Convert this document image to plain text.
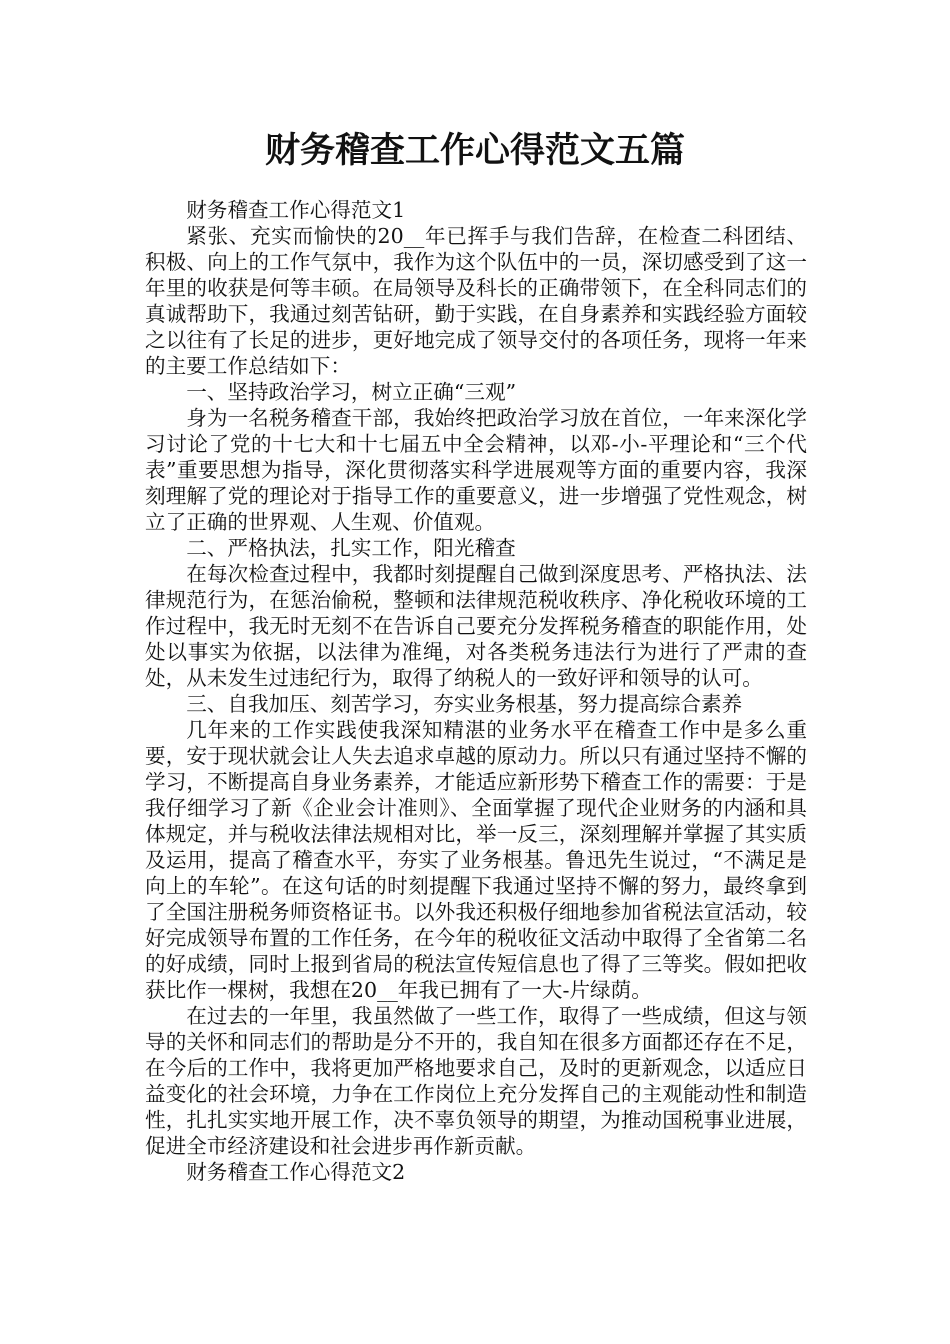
财务稽查工作心得范文五篇

财务稽查工作心得范文1

紧张、充实而愉快的20__年已挥手与我们告辞，在检查二科团结、积极、向上的工作气氛中，我作为这个队伍中的一员，深切感受到了这一年里的收获是何等丰硕。在局领导及科长的正确带领下，在全科同志们的真诚帮助下，我通过刻苦钻研，勤于实践，在自身素养和实践经验方面较之以往有了长足的进步，更好地完成了领导交付的各项任务，现将一年来的主要工作总结如下：

一、坚持政治学习，树立正确“三观”

身为一名税务稽查干部，我始终把政治学习放在首位，一年来深化学习讨论了党的十七大和十七届五中全会精神，以邓-小-平理论和“三个代表”重要思想为指导，深化贯彻落实科学进展观等方面的重要内容，我深刻理解了党的理论对于指导工作的重要意义，进一步增强了党性观念，树立了正确的世界观、人生观、价值观。

二、严格执法，扎实工作，阳光稽查

在每次检查过程中，我都时刻提醒自己做到深度思考、严格执法、法律规范行为，在惩治偷税，整顿和法律规范税收秩序、净化税收环境的工作过程中，我无时无刻不在告诉自己要充分发挥税务稽查的职能作用，处处以事实为依据，以法律为准绳，对各类税务违法行为进行了严肃的查处，从未发生过违纪行为，取得了纳税人的一致好评和领导的认可。

三、自我加压、刻苦学习，夯实业务根基，努力提高综合素养

几年来的工作实践使我深知精湛的业务水平在稽查工作中是多么重要，安于现状就会让人失去追求卓越的原动力。所以只有通过坚持不懈的学习，不断提高自身业务素养，才能适应新形势下稽查工作的需要：于是我仔细学习了新《企业会计准则》、全面掌握了现代企业财务的内涵和具体规定，并与税收法律法规相对比，举一反三，深刻理解并掌握了其实质及运用，提高了稽查水平，夯实了业务根基。鲁迅先生说过，“不满足是向上的车轮”。在这句话的时刻提醒下我通过坚持不懈的努力，最终拿到了全国注册税务师资格证书。以外我还积极仔细地参加省税法宣活动，较好完成领导布置的工作任务，在今年的税收征文活动中取得了全省第二名的好成绩，同时上报到省局的税法宣传短信息也了得了三等奖。假如把收获比作一棵树，我想在20__年我已拥有了一大-片绿荫。

在过去的一年里，我虽然做了一些工作，取得了一些成绩，但这与领导的关怀和同志们的帮助是分不开的，我自知在很多方面都还存在不足，在今后的工作中，我将更加严格地要求自己，及时的更新观念，以适应日益变化的社会环境，力争在工作岗位上充分发挥自己的主观能动性和制造性，扎扎实实地开展工作，决不辜负领导的期望，为推动国税事业进展，促进全市经济建设和社会进步再作新贡献。

财务稽查工作心得范文2
